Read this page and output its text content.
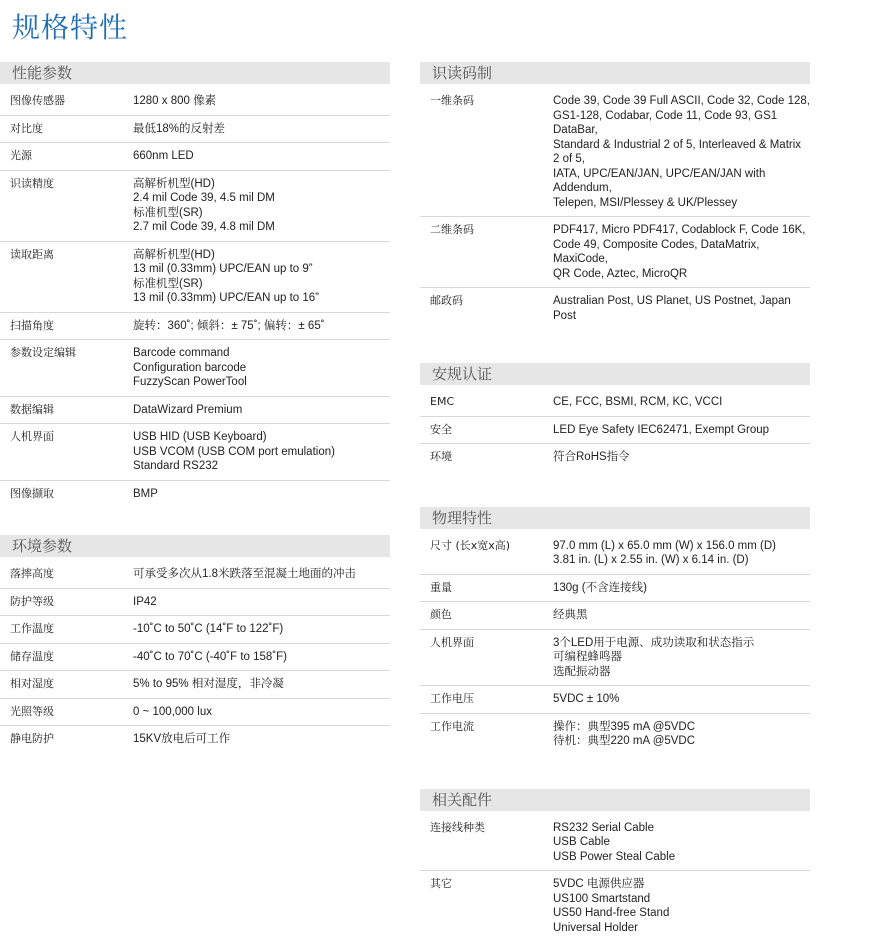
规格特性
性能参数
图像传感器	1280 x 800 像素
对比度	最低18%的反射差
光源	660nm LED
识读精度	高解析机型(HD)
2.4 mil Code 39, 4.5 mil DM
标准机型(SR)
2.7 mil Code 39, 4.8 mil DM
读取距离	高解析机型(HD)
13 mil (0.33mm) UPC/EAN up to 9”
标准机型(SR)
13 mil (0.33mm) UPC/EAN up to 16”
扫描角度	旋转：360˚; 倾斜：± 75˚; 偏转：± 65˚
参数设定编辑	Barcode command
Configuration barcode
FuzzyScan PowerTool
数据编辑	DataWizard Premium
人机界面	USB HID (USB Keyboard)
USB VCOM (USB COM port emulation)
Standard RS232
图像撷取	BMP
环境参数
落摔高度	可承受多次从1.8米跌落至混凝土地面的冲击
防护等级	IP42
工作温度	-10˚C to 50˚C (14˚F to 122˚F)
储存温度	-40˚C to 70˚C (-40˚F to 158˚F)
相对湿度	5% to 95% 相对湿度，非冷凝
光照等级	0 ~ 100,000 lux
静电防护	15KV放电后可工作
识读码制
一维条码	Code 39, Code 39 Full ASCII, Code 32, Code 128,
GS1-128, Codabar, Code 11, Code 93, GS1 DataBar,
Standard & Industrial 2 of 5, Interleaved & Matrix 2 of 5,
IATA, UPC/EAN/JAN, UPC/EAN/JAN with Addendum,
Telepen, MSI/Plessey & UK/Plessey
二维条码	PDF417, Micro PDF417, Codablock F, Code 16K,
Code 49, Composite Codes, DataMatrix, MaxiCode,
QR Code, Aztec, MicroQR
邮政码	Australian Post, US Planet, US Postnet, Japan Post
安规认证
EMC	CE, FCC, BSMI, RCM, KC, VCCI
安全	LED Eye Safety IEC62471, Exempt Group
环境	符合RoHS指令
物理特性
尺寸 (长x宽x高)	97.0 mm (L) x 65.0 mm (W) x 156.0 mm (D)
3.81 in. (L) x 2.55 in. (W) x 6.14 in. (D)
重量	130g (不含连接线)
颜色	经典黑
人机界面	3个LED用于电源、成功读取和状态指示
可编程蜂鸣器
选配振动器
工作电压	5VDC ± 10%
工作电流	操作：典型395 mA @5VDC
待机：典型220 mA @5VDC
相关配件
连接线种类	RS232 Serial Cable
USB Cable
USB Power Steal Cable
其它	5VDC 电源供应器
US100 Smartstand
US50 Hand-free Stand
Universal Holder
